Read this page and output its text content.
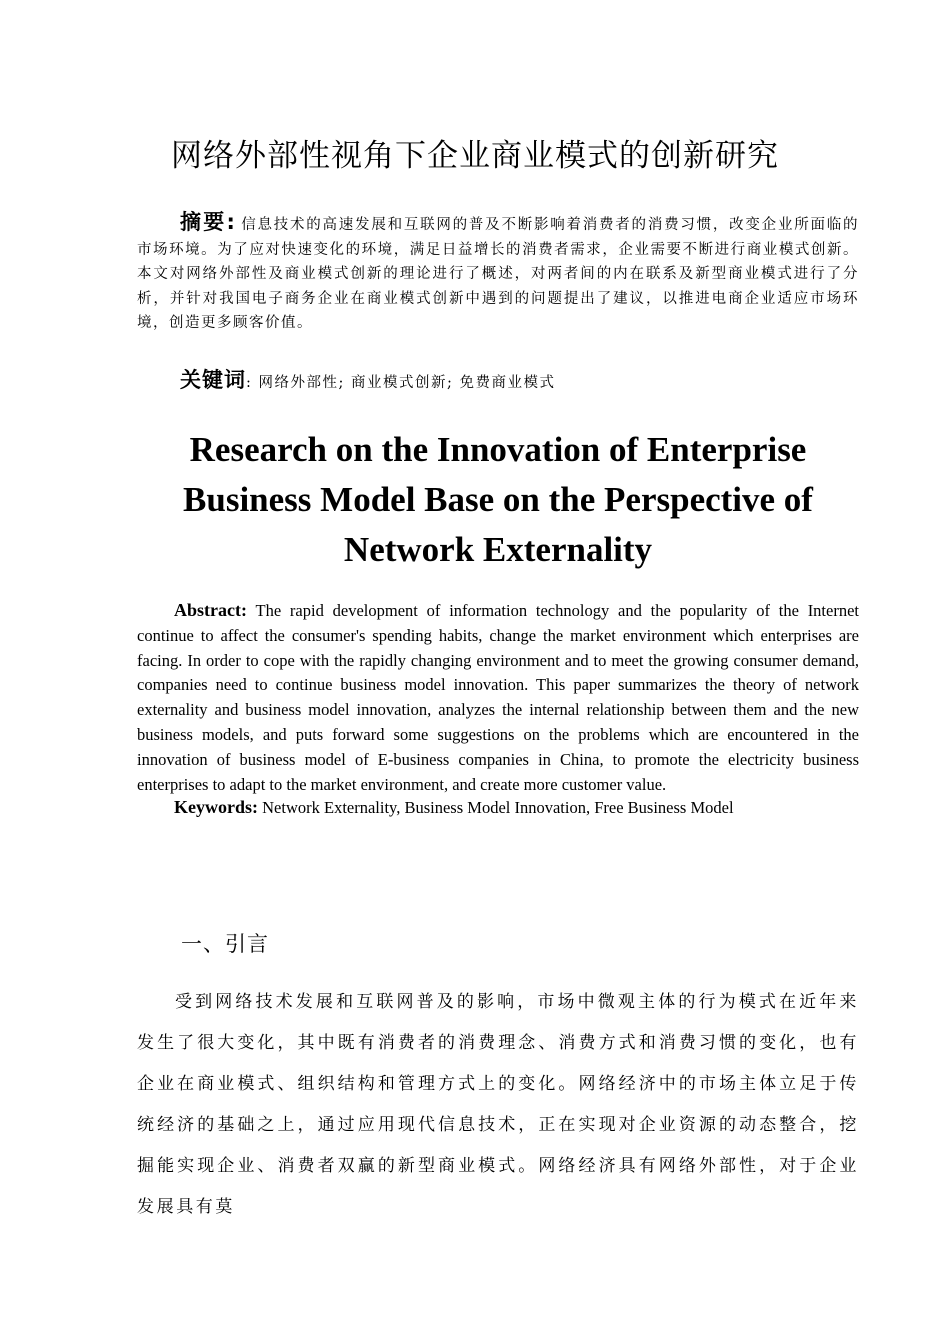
网络外部性视角下企业商业模式的创新研究
摘要: 信息技术的高速发展和互联网的普及不断影响着消费者的消费习惯，改变企业所面临的市场环境。为了应对快速变化的环境，满足日益增长的消费者需求，企业需要不断进行商业模式创新。本文对网络外部性及商业模式创新的理论进行了概述，对两者间的内在联系及新型商业模式进行了分析，并针对我国电子商务企业在商业模式创新中遇到的问题提出了建议，以推进电商企业适应市场环境，创造更多顾客价值。
关键词: 网络外部性; 商业模式创新; 免费商业模式
Research on the Innovation of Enterprise Business Model Base on the Perspective of Network Externality
Abstract: The rapid development of information technology and the popularity of the Internet continue to affect the consumer's spending habits, change the market environment which enterprises are facing. In order to cope with the rapidly changing environment and to meet the growing consumer demand, companies need to continue business model innovation. This paper summarizes the theory of network externality and business model innovation, analyzes the internal relationship between them and the new business models, and puts forward some suggestions on the problems which are encountered in the innovation of business model of E-business companies in China, to promote the electricity business enterprises to adapt to the market environment, and create more customer value.
Keywords: Network Externality, Business Model Innovation, Free Business Model
一、引言
受到网络技术发展和互联网普及的影响，市场中微观主体的行为模式在近年来发生了很大变化，其中既有消费者的消费理念、消费方式和消费习惯的变化，也有企业在商业模式、组织结构和管理方式上的变化。网络经济中的市场主体立足于传统经济的基础之上，通过应用现代信息技术，正在实现对企业资源的动态整合，挖掘能实现企业、消费者双赢的新型商业模式。网络经济具有网络外部性，对于企业发展具有莫
